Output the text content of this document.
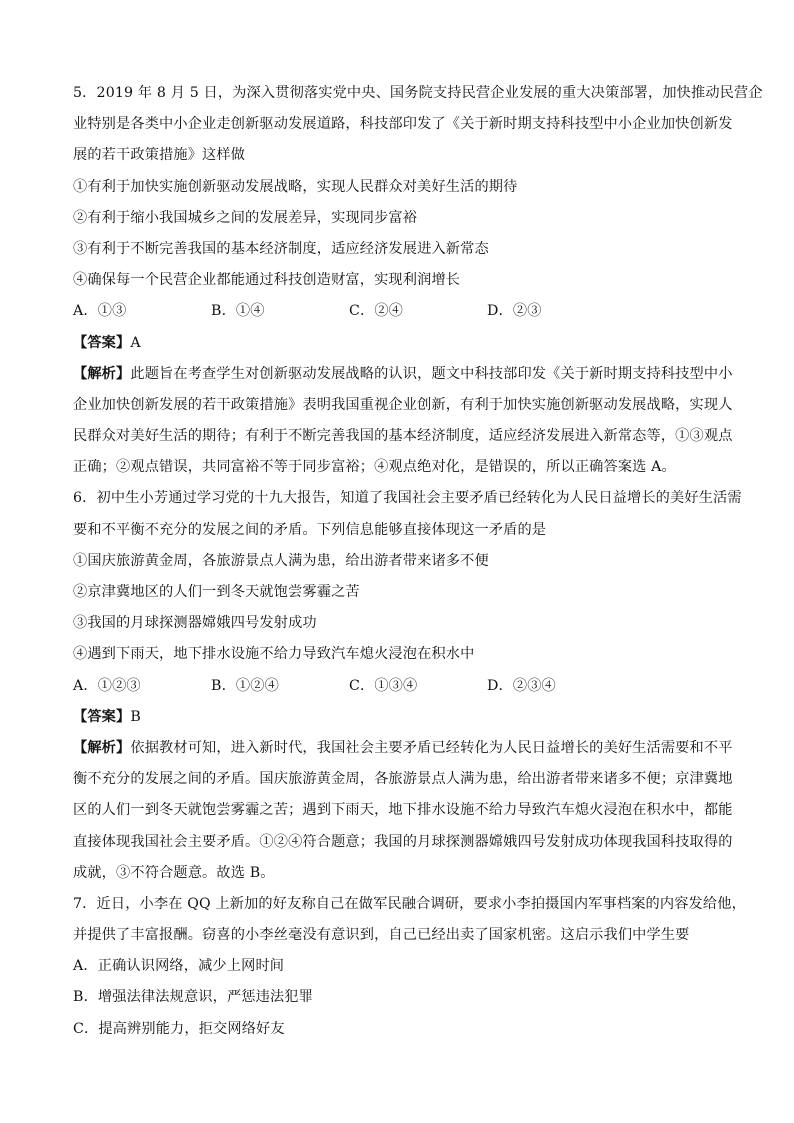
5．2019 年 8 月 5 日，为深入贯彻落实党中央、国务院支持民营企业发展的重大决策部署，加快推动民营企
业特别是各类中小企业走创新驱动发展道路，科技部印发了《关于新时期支持科技型中小企业加快创新发
展的若干政策措施》这样做
①有利于加快实施创新驱动发展战略，实现人民群众对美好生活的期待
②有利于缩小我国城乡之间的发展差异，实现同步富裕
③有利于不断完善我国的基本经济制度，适应经济发展进入新常态
④确保每一个民营企业都能通过科技创造财富，实现利润增长
A．①③	B．①④	C．②④	D．②③
【答案】A
【解析】此题旨在考查学生对创新驱动发展战略的认识，题文中科技部印发《关于新时期支持科技型中小
企业加快创新发展的若干政策措施》表明我国重视企业创新，有利于加快实施创新驱动发展战略，实现人
民群众对美好生活的期待；有利于不断完善我国的基本经济制度，适应经济发展进入新常态等，①③观点
正确；②观点错误，共同富裕不等于同步富裕；④观点绝对化，是错误的，所以正确答案选 A。
6．初中生小芳通过学习党的十九大报告，知道了我国社会主要矛盾已经转化为人民日益增长的美好生活需
要和不平衡不充分的发展之间的矛盾。下列信息能够直接体现这一矛盾的是
①国庆旅游黄金周，各旅游景点人满为患，给出游者带来诸多不便
②京津冀地区的人们一到冬天就饱尝雾霾之苦
③我国的月球探测器嫦娥四号发射成功
④遇到下雨天，地下排水设施不给力导致汽车熄火浸泡在积水中
A．①②③	B．①②④	C．①③④	D．②③④
【答案】B
【解析】依据教材可知，进入新时代，我国社会主要矛盾已经转化为人民日益增长的美好生活需要和不平
衡不充分的发展之间的矛盾。国庆旅游黄金周，各旅游景点人满为患，给出游者带来诸多不便；京津冀地
区的人们一到冬天就饱尝雾霾之苦；遇到下雨天，地下排水设施不给力导致汽车熄火浸泡在积水中，都能
直接体现我国社会主要矛盾。①②④符合题意；我国的月球探测器嫦娥四号发射成功体现我国科技取得的
成就，③不符合题意。故选 B。
7．近日，小李在 QQ 上新加的好友称自己在做军民融合调研，要求小李拍摄国内军事档案的内容发给他，
并提供了丰富报酬。窃喜的小李丝毫没有意识到，自己已经出卖了国家机密。这启示我们中学生要
A．正确认识网络，减少上网时间
B．增强法律法规意识，严惩违法犯罪
C．提高辨别能力，拒交网络好友
